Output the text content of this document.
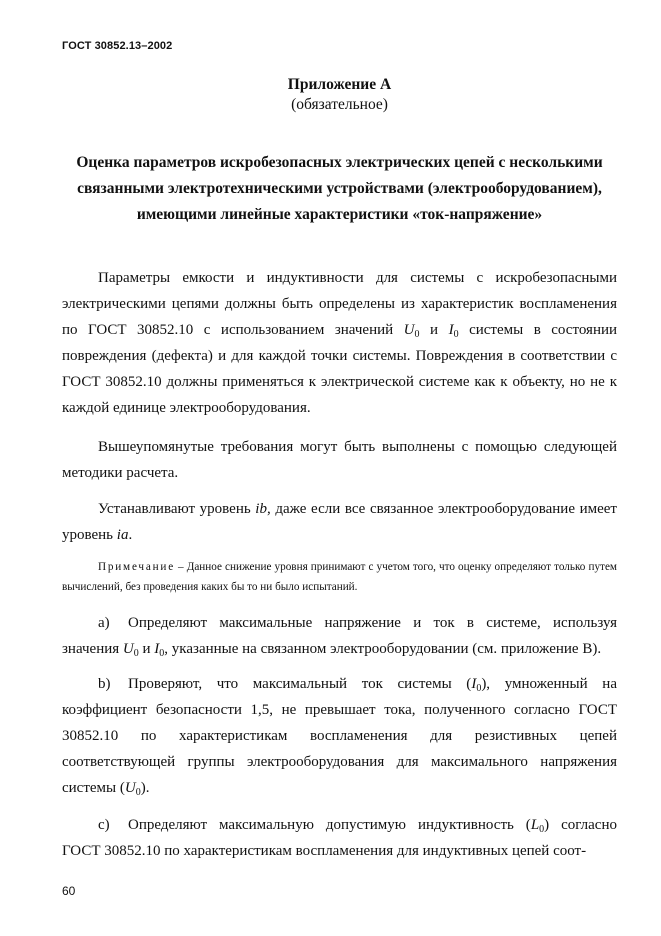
ГОСТ 30852.13–2002
Приложение А
(обязательное)
Оценка параметров искробезопасных электрических цепей с несколькими
связанными электротехническими устройствами (электрооборудованием),
имеющими линейные характеристики «ток-напряжение»

Параметры емкости и индуктивности для системы с искробезопасными электрическими цепями должны быть определены из характеристик воспламенения по ГОСТ 30852.10 с использованием значений $U_0$ и $I_0$ системы в состоянии повреждения (дефекта) и для каждой точки системы. Повреждения в соответствии с ГОСТ 30852.10 должны применяться к электрической системе как к объекту, но не к каждой единице электрооборудования.

Вышеупомянутые требования могут быть выполнены с помощью следующей методики расчета.

Устанавливают уровень ib, даже если все связанное электрооборудование имеет уровень ia.

Примечание – Данное снижение уровня принимают с учетом того, что оценку определяют только путем вычислений, без проведения каких бы то ни было испытаний.

a) Определяют максимальные напряжение и ток в системе, используя значения $U_0$ и $I_0$, указанные на связанном электрооборудовании (см. приложение В).

b) Проверяют, что максимальный ток системы $(I_0)$, умноженный на коэффициент безопасности 1,5, не превышает тока, полученного согласно ГОСТ 30852.10 по характеристикам воспламенения для резистивных цепей соответствующей группы электрооборудования для максимального напряжения системы $(U_0)$.

c) Определяют максимальную допустимую индуктивность $(L_0)$ согласно ГОСТ 30852.10 по характеристикам воспламенения для индуктивных цепей соот-

60
